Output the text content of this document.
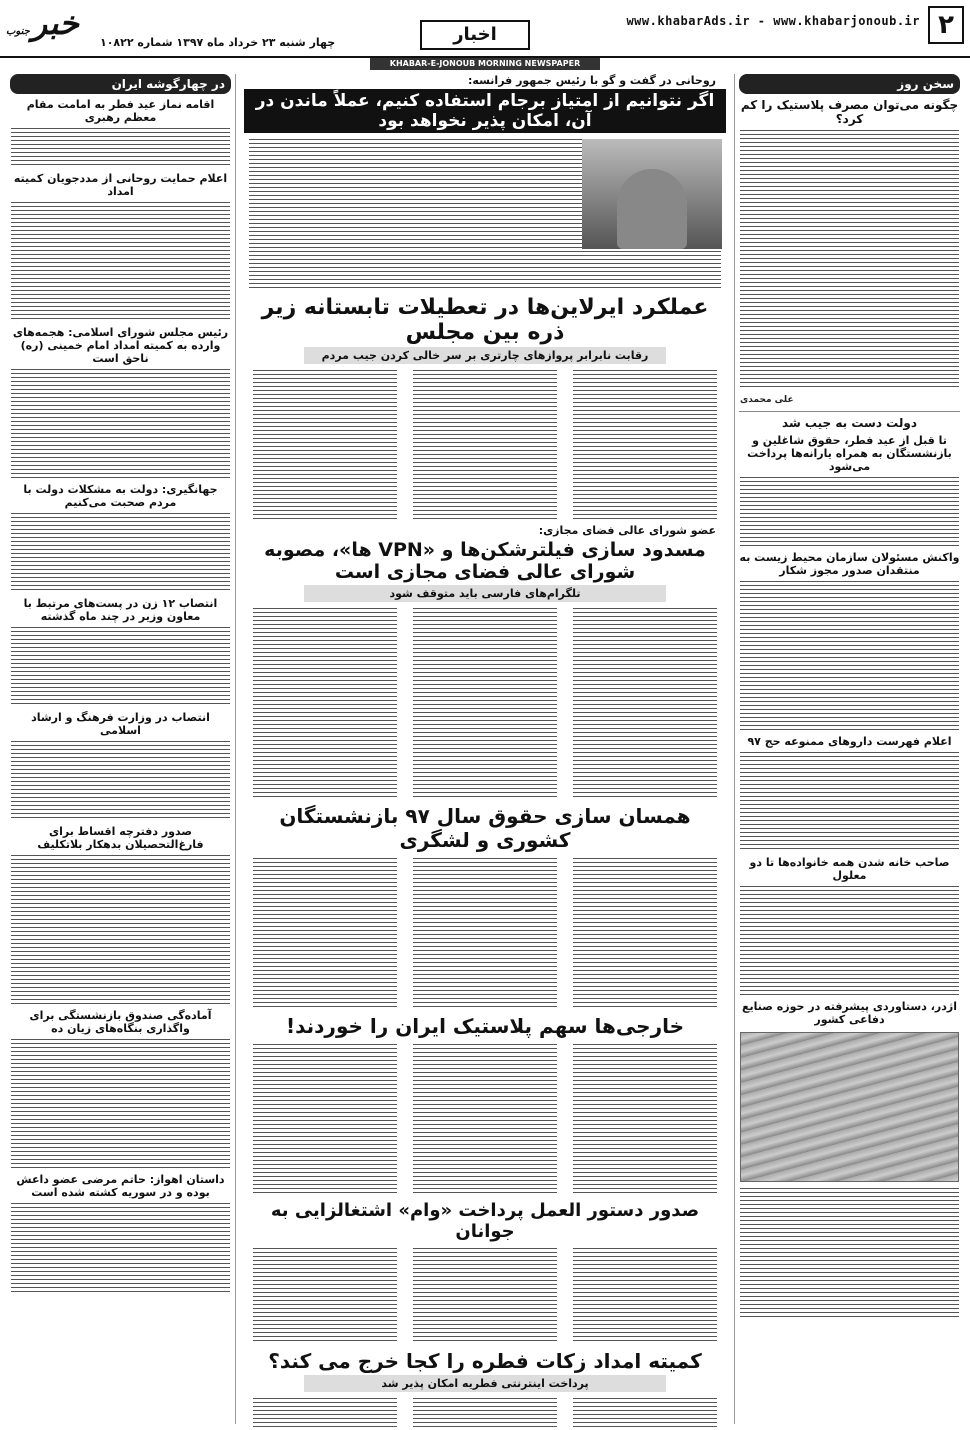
۲
www.khabarAds.ir - www.khabarjonoub.ir
اخبار
چهار شنبه ۲۳ خرداد ماه ۱۳۹۷ شماره ۱۰۸۲۲
خبرجنوب
KHABAR-E-JONOUB MORNING NEWSPAPER
سخن روز
چگونه می‌توان مصرف پلاستیک را کم کرد؟
علی محمدی
دولت دست به جیب شد
تا قبل از عید فطر، حقوق شاغلین و بازنشستگان به همراه یارانه‌ها پرداخت می‌شود
واکنش مسئولان سازمان محیط زیست به منتقدان صدور مجوز شکار
اعلام فهرست داروهای ممنوعه حج ۹۷
صاحب خانه شدن همه خانواده‌ها تا دو معلول
اژدر، دستاوردی پیشرفته در حوزه صنایع دفاعی کشور
در چهارگوشه ایران
اقامه نماز عید فطر به امامت مقام معظم رهبری
اعلام حمایت روحانی از مددجویان کمیته امداد
رئیس مجلس شورای اسلامی: هجمه‌های وارده به کمیته امداد امام خمینی (ره) ناحق است
جهانگیری: دولت به مشکلات دولت با مردم صحبت می‌کنیم
انتصاب ۱۲ زن در پست‌های مرتبط با معاون وزیر در چند ماه گذشته
انتصاب در وزارت فرهنگ و ارشاد اسلامی
صدور دفترچه اقساط برای فارغ‌التحصیلان بدهکار بلاتکلیف
آماده‌گی صندوق بازنشستگی برای واگذاری بنگاه‌های زیان ده
داستان اهواز: حاتم مرضی عضو داعش بوده و در سوریه کشته شده است
روحانی در گفت و گو با رئیس جمهور فرانسه:
اگر نتوانیم از امتیاز برجام استفاده کنیم، عملاً ماندن در آن، امکان پذیر نخواهد بود
عملکرد ایرلاین‌ها در تعطیلات تابستانه زیر ذره بین مجلس
رقابت نابرابر پروازهای چارتری بر سر خالی کردن جیب مردم
عضو شورای عالی فضای مجازی:
مسدود سازی فیلترشکن‌ها و «VPN ها»، مصوبه شورای عالی فضای مجازی است
تلگرام‌های فارسی باید متوقف شود
همسان سازی حقوق سال ۹۷ بازنشستگان کشوری و لشگری
خارجی‌ها سهم پلاستیک ایران را خوردند!
صدور دستور العمل پرداخت «وام» اشتغالزایی به جوانان
کمیته امداد زکات فطره را کجا خرج می کند؟
پرداخت اینترنتی فطریه امکان پذیر شد
